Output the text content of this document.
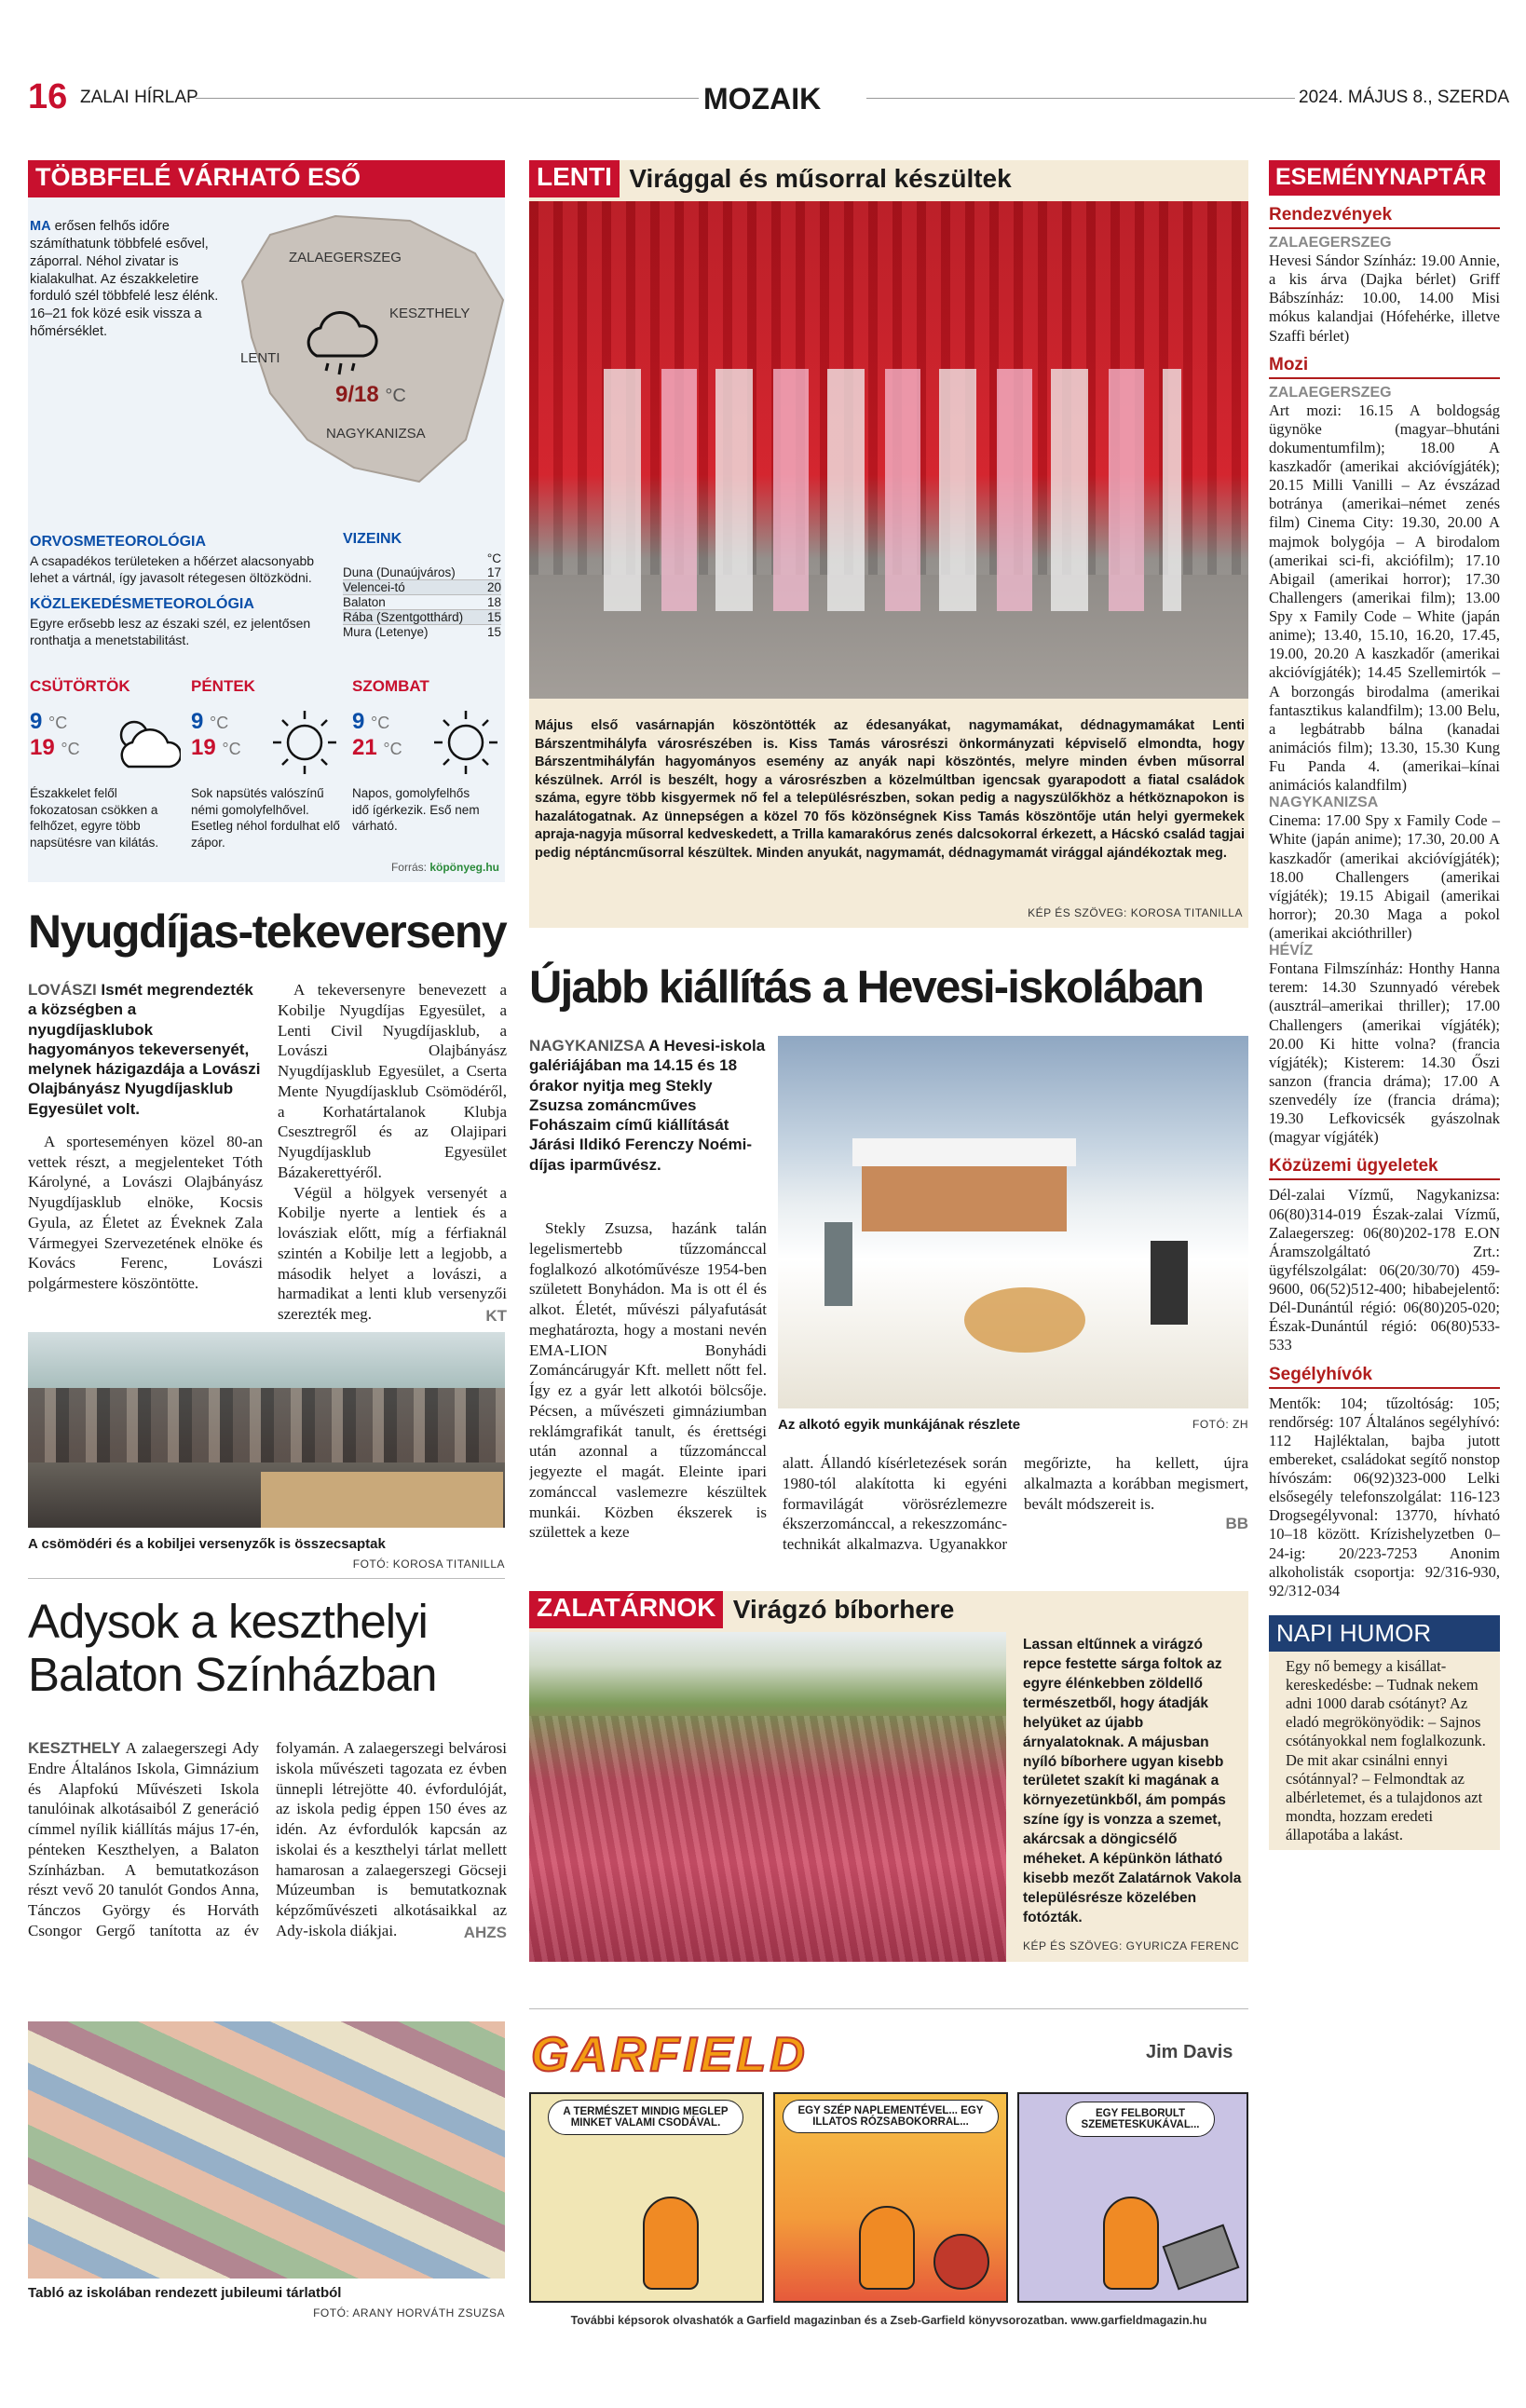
16 ZALAI HÍRLAP	MOZAIK	2024. MÁJUS 8., SZERDA
TÖBBFELÉ VÁRHATÓ ESŐ
MA erősen felhős időre számíthatunk többfelé esővel, záporral. Néhol zivatar is kialakulhat. Az északkeletire forduló szél többfelé lesz élénk. 16–21 fok közé esik vissza a hőmérséklet.
ZALAEGERSZEG
KESZTHELY
LENTI
NAGYKANIZSA
9/18 °C
ORVOSMETEOROLÓGIA
A csapadékos területeken a hőérzet alacsonyabb lehet a vártnál, így javasolt rétegesen öltözködni.
KÖZLEKEDÉSMETEOROLÓGIA
Egyre erősebb lesz az északi szél, ez jelentősen ronthatja a menetstabilitást.
VIZEINK
°C
Duna (Dunaújváros)	17
Velencei-tó	20
Balaton	18
Rába (Szentgotthárd) 15
Mura (Letenye)	15
CSÜTÖRTÖK
9 °C
19 °C
Északkelet felől fokozatosan csökken a felhőzet, egyre több napsütésre van kilátás.
PÉNTEK
9 °C
19 °C
Sok napsütés valószínű némi gomolyfelhővel. Esetleg néhol fordulhat elő zápor.
SZOMBAT
9 °C
21 °C
Napos, gomolyfelhős idő ígérkezik. Eső nem várható.
Forrás: köpönyeg.hu
Nyugdíjas-tekeverseny
LOVÁSZI Ismét megrendezték a községben a nyugdíjasklubok hagyományos tekeversenyét, melynek házigazdája a Lovászi Olajbányász Nyugdíjasklub Egyesület volt.

A sporteseményen közel 80-an vettek részt, a megjelenteket Tóth Károlyné, a Lovászi Olajbányász Nyugdíjasklub elnöke, Kocsis Gyula, az Életet az Éveknek Zala Vármegyei Szervezetének elnöke és Kovács Ferenc, Lovászi polgármestere köszöntötte.

A tekeversenyre benevezett a Kobilje Nyugdíjas Egyesület, a Lenti Civil Nyugdíjasklub, a Lovászi Olajbányász Nyugdíjasklub Egyesület, a Cserta Mente Nyugdíjasklub Csömödéről, a Korhatártalanok Klubja Csesztregről és az Olajipari Nyugdíjasklub Egyesület Bázakerettyéről.

Végül a hölgyek versenyét a Kobilje nyerte a lentiek és a lovásziak előtt, míg a férfiaknál szintén a Kobilje lett a legjobb, a második helyet a lovászi, a harmadikat a lenti klub versenyzői szerezték meg.	KT
A csömödéri és a kobiljei versenyzők is összecsaptak
FOTÓ: KOROSA TITANILLA
Adysok a keszthelyi
Balaton Színházban

KESZTHELY A zalaegerszegi Ady Endre Általános Iskola, Gimnázium és Alapfokú Művészeti Iskola tanulóinak alkotásaiból Z generáció címmel nyílik kiállítás május 17-én, pénteken Keszthelyen, a Balaton Színházban. A bemutatkozáson részt vevő 20 tanulót Gondos Anna, Tánczos György és Horváth Csongor Gergő tanította az év folyamán. A zalaegerszegi belvárosi iskola művészeti tagozata ez évben ünnepli létrejötte 40. évfordulóját, az iskola pedig éppen 150 éves az idén. Az évfordulók kapcsán az iskolai és a keszthelyi tárlat mellett hamarosan a zalaegerszegi Göcseji Múzeumban is bemutatkoznak képzőművészeti alkotásaikkal az Ady-iskola diákjai.	AHZS
Tabló az iskolában rendezett jubileumi tárlatból
FOTÓ: ARANY HORVÁTH ZSUZSA
LENTI Virággal és műsorral készültek
Május első vasárnapján köszöntötték az édesanyákat, nagymamákat, dédnagymamákat Lenti Bárszentmihályfa városrészében is. Kiss Tamás városrészi önkormányzati képviselő elmondta, hogy Bárszentmihályfán hagyományos esemény az anyák napi köszöntés, melyre minden évben műsorral készülnek. Arról is beszélt, hogy a városrészben a közelmúltban igencsak gyarapodott a fiatal családok száma, egyre több kisgyermek nő fel a településrészben, sokan pedig a nagyszülőkhöz a hétköznapokon is hazalátogatnak. Az ünnepségen a közel 70 fős közönségnek Kiss Tamás köszöntője után helyi gyermekek apraja-nagyja műsorral kedveskedett, a Trilla kamarakórus zenés dalcsokorral érkezett, a Hácskó család tagjai pedig néptáncműsorral készültek. Minden anyukát, nagymamát, dédnagymamát virággal ajándékoztak meg.
KÉP ÉS SZÖVEG: KOROSA TITANILLA
Újabb kiállítás a Hevesi-iskolában
NAGYKANIZSA A Hevesi-iskola galériájában ma 14.15 és 18 órakor nyitja meg Stekly Zsuzsa zománcműves Fohászaim című kiállítását Járási Ildikó Ferenczy Noémi-díjas iparművész.
Az alkotó egyik munkájának részlete	FOTÓ: ZH

Stekly Zsuzsa, hazánk talán legelismertebb tűzzománccal foglalkozó alkotóművésze 1954-ben született Bonyhádon. Ma is ott él és alkot. Életét, művészi pályafutását meghatározta, hogy a mostani nevén EMA-LION Bonyhádi Zománcárugyár Kft. mellett nőtt fel. Így ez a gyár lett alkotói bölcsője. Pécsen, a művészeti gimnáziumban reklámgrafikát tanult, és érettségi után azonnal a tűzzománccal jegyezte el magát. Eleinte ipari zománccal vaslemezre készültek munkái. Közben ékszerek is születtek a keze

alatt. Állandó kísérletezések során 1980-tól alakította ki egyéni formavilágát vörösrézlemezre ékszerzománccal, a rekeszzománc-technikát alkalmazva. Ugyanakkor megőrizte, ha kellett, újra alkalmazta a korábban megismert, bevált módszereit is.

BB
ZALATÁRNOK Virágzó bíborhere
Lassan eltűnnek a virágzó repce festette sárga foltok az egyre élénkebben zöldellő természetből, hogy átadják helyüket az újabb árnyalatoknak. A májusban nyíló bíborhere ugyan kisebb területet szakít ki magának a környezetünkből, ám pompás színe így is vonzza a szemet, akárcsak a döngicsélő méheket. A képünkön látható kisebb mezőt Zalatárnok Vakola településrésze közelében fotózták.
KÉP ÉS SZÖVEG: GYURICZA FERENC
GARFIELD	Jim Davis
A TERMÉSZET MINDIG MEGLEP MINKET VALAMI CSODÁVAL.
EGY SZÉP NAPLEMENTÉVEL... EGY ILLATOS RÓZSABOKORRAL...
EGY FELBORULT SZEMETESKUKÁVAL...
További képsorok olvashatók a Garfield magazinban és a Zseb-Garfield könyvsorozatban. www.garfieldmagazin.hu
ESEMÉNYNAPTÁR
Rendezvények
ZALAEGERSZEG
Hevesi Sándor Színház: 19.00 Annie, a kis árva (Dajka bérlet) Griff Bábszínház: 10.00, 14.00 Misi mókus kalandjai (Hófehérke, illetve Szaffi bérlet)
Mozi
ZALAEGERSZEG
Art mozi: 16.15 A boldogság ügynöke (magyar–bhutáni dokumentumfilm); 18.00 A kaszkadőr (amerikai akcióvígjáték); 20.15 Milli Vanilli – Az évszázad botránya (amerikai–német zenés film) Cinema City: 19.30, 20.00 A majmok bolygója – A birodalom (amerikai sci-fi, akciófilm); 17.10 Abigail (amerikai horror); 17.30 Challengers (amerikai film); 13.00 Spy x Family Code – White (japán anime); 13.40, 15.10, 16.20, 17.45, 19.00, 20.20 A kaszkadőr (amerikai akcióvígjáték); 14.45 Szellemirtók – A borzongás birodalma (amerikai fantasztikus kalandfilm); 13.00 Belu, a legbátrabb bálna (kanadai animációs film); 13.30, 15.30 Kung Fu Panda 4. (amerikai–kínai animációs kalandfilm)
NAGYKANIZSA
Cinema: 17.00 Spy x Family Code – White (japán anime); 17.30, 20.00 A kaszkadőr (amerikai akcióvígjáték); 18.00 Challengers (amerikai vígjáték); 19.15 Abigail (amerikai horror); 20.30 Maga a pokol (amerikai akcióthriller)
HÉVÍZ
Fontana Filmszínház: Honthy Hanna terem: 14.30 Szunnyadó vérebek (ausztrál–amerikai thriller); 17.00 Challengers (amerikai vígjáték); 20.00 Ki hitte volna? (francia vígjáték); Kisterem: 14.30 Őszi sanzon (francia dráma); 17.00 A szenvedély íze (francia dráma); 19.30 Lefkovicsék gyászolnak (magyar vígjáték)
Közüzemi ügyeletek
Dél-zalai Vízmű, Nagykanizsa: 06(80)314-019 Észak-zalai Vízmű, Zalaegerszeg: 06(80)202-178 E.ON Áramszolgáltató Zrt.: ügyfélszolgálat: 06(20/30/70) 459-9600, 06(52)512-400; hibabejelentő: Dél-Dunántúl régió: 06(80)205-020; Észak-Dunántúl régió: 06(80)533-533
Segélyhívók
Mentők: 104; tűzoltóság: 105; rendőrség: 107 Általános segélyhívó: 112 Hajléktalan, bajba jutott embereket, családokat segítő nonstop hívószám: 06(92)323-000 Lelki elsősegély telefonszolgálat: 116-123 Drogsegélyvonal: 13770, hívható 10–18 között. Krízishelyzetben 0–24-ig: 20/223-7253 Anonim alkoholisták csoportja: 92/316-930, 92/312-034
NAPI HUMOR
Egy nő bemegy a kisállat-kereskedésbe: – Tudnak nekem adni 1000 darab csótányt? Az eladó megrökönyödik: – Sajnos csótányokkal nem foglalkozunk. De mit akar csinálni ennyi csótánnyal? – Felmondtak az albérletemet, és a tulajdonos azt mondta, hozzam eredeti állapotába a lakást.
